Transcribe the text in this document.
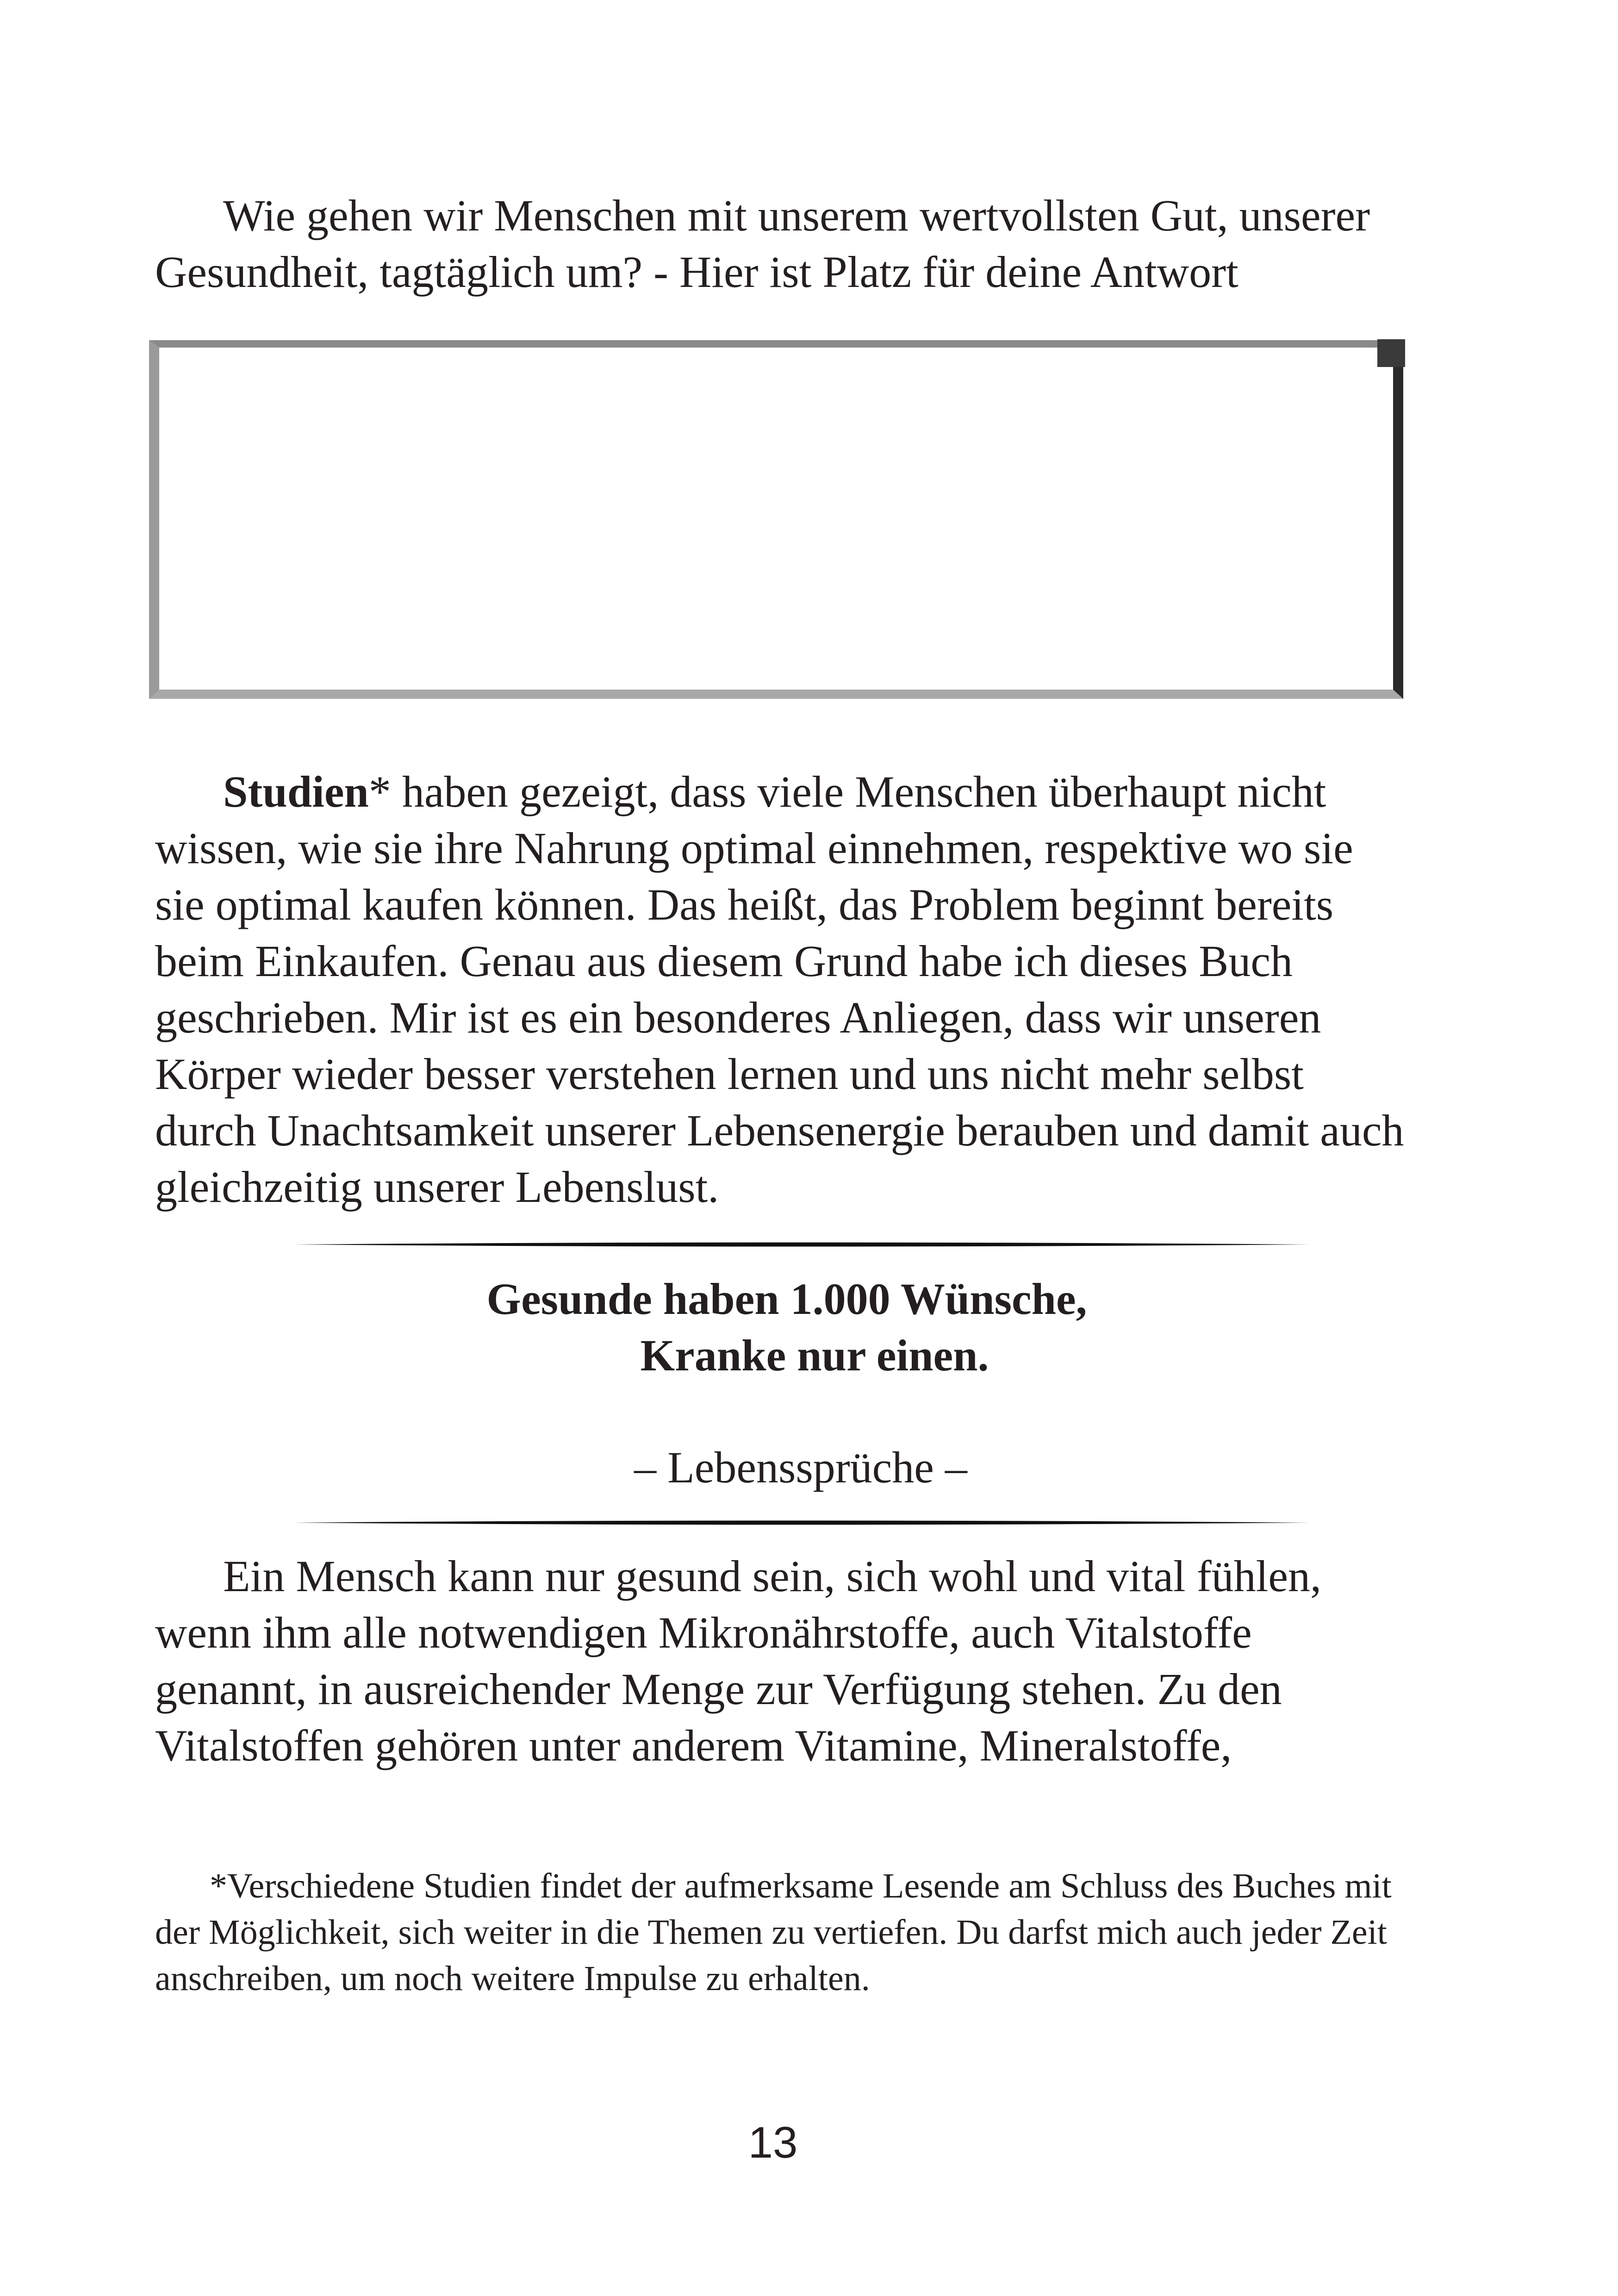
Wie gehen wir Menschen mit unserem wertvollsten Gut, unserer Gesundheit, tagtäglich um? - Hier ist Platz für deine Antwort

Studien* haben gezeigt, dass viele Menschen überhaupt nicht wissen, wie sie ihre Nahrung optimal einnehmen, respektive wo sie sie optimal kaufen können. Das heißt, das Problem beginnt bereits beim Einkaufen. Genau aus diesem Grund habe ich dieses Buch geschrieben. Mir ist es ein besonderes Anliegen, dass wir unseren Körper wieder besser verstehen lernen und uns nicht mehr selbst durch Unachtsamkeit unserer Lebensenergie berauben und damit auch gleichzeitig unserer Lebenslust.

Gesunde haben 1.000 Wünsche,
Kranke nur einen.
– Lebenssprüche –

Ein Mensch kann nur gesund sein, sich wohl und vital fühlen, wenn ihm alle notwendigen Mikronährstoffe, auch Vitalstoffe genannt, in ausreichender Menge zur Verfügung stehen. Zu den Vitalstoffen gehören unter anderem Vitamine, Mineralstoffe,

*Verschiedene Studien findet der aufmerksame Lesende am Schluss des Buches mit der Möglichkeit, sich weiter in die Themen zu vertiefen. Du darfst mich auch jeder Zeit anschreiben, um noch weitere Impulse zu erhalten.

13
